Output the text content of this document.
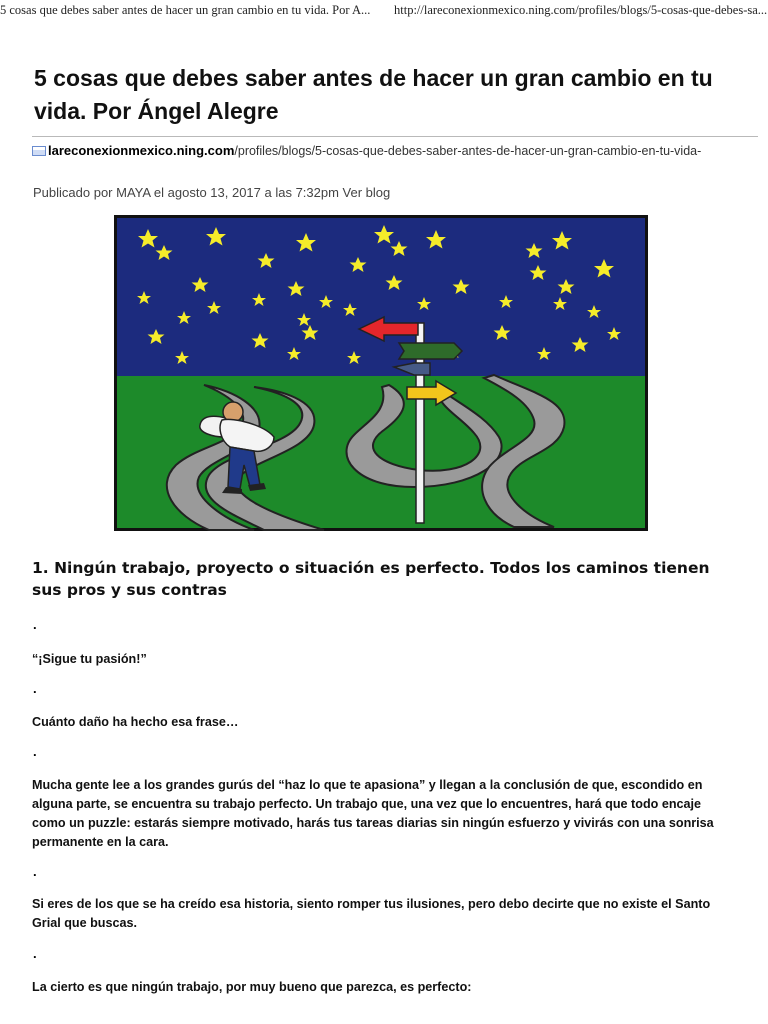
5 cosas que debes saber antes de hacer un gran cambio en tu vida. Por A... http://lareconexionmexico.ning.com/profiles/blogs/5-cosas-que-debes-sa...
5 cosas que debes saber antes de hacer un gran cambio en tu vida. Por Ángel Alegre
lareconexionmexico.ning.com/profiles/blogs/5-cosas-que-debes-saber-antes-de-hacer-un-gran-cambio-en-tu-vida-
Publicado por MAYA el agosto 13, 2017 a las 7:32pm Ver blog
1. Ningún trabajo, proyecto o situación es perfecto. Todos los caminos tienen sus pros y sus contras
.

“¡Sigue tu pasión!”

.

Cuánto daño ha hecho esa frase…

.

Mucha gente lee a los grandes gurús del “haz lo que te apasiona” y llegan a la conclusión de que, escondido en alguna parte, se encuentra su trabajo perfecto. Un trabajo que, una vez que lo encuentres, hará que todo encaje como un puzzle: estarás siempre motivado, harás tus tareas diarias sin ningún esfuerzo y vivirás con una sonrisa permanente en la cara.

.

Si eres de los que se ha creído esa historia, siento romper tus ilusiones, pero debo decirte que no existe el Santo Grial que buscas.

.

La cierto es que ningún trabajo, por muy bueno que parezca, es perfecto:
